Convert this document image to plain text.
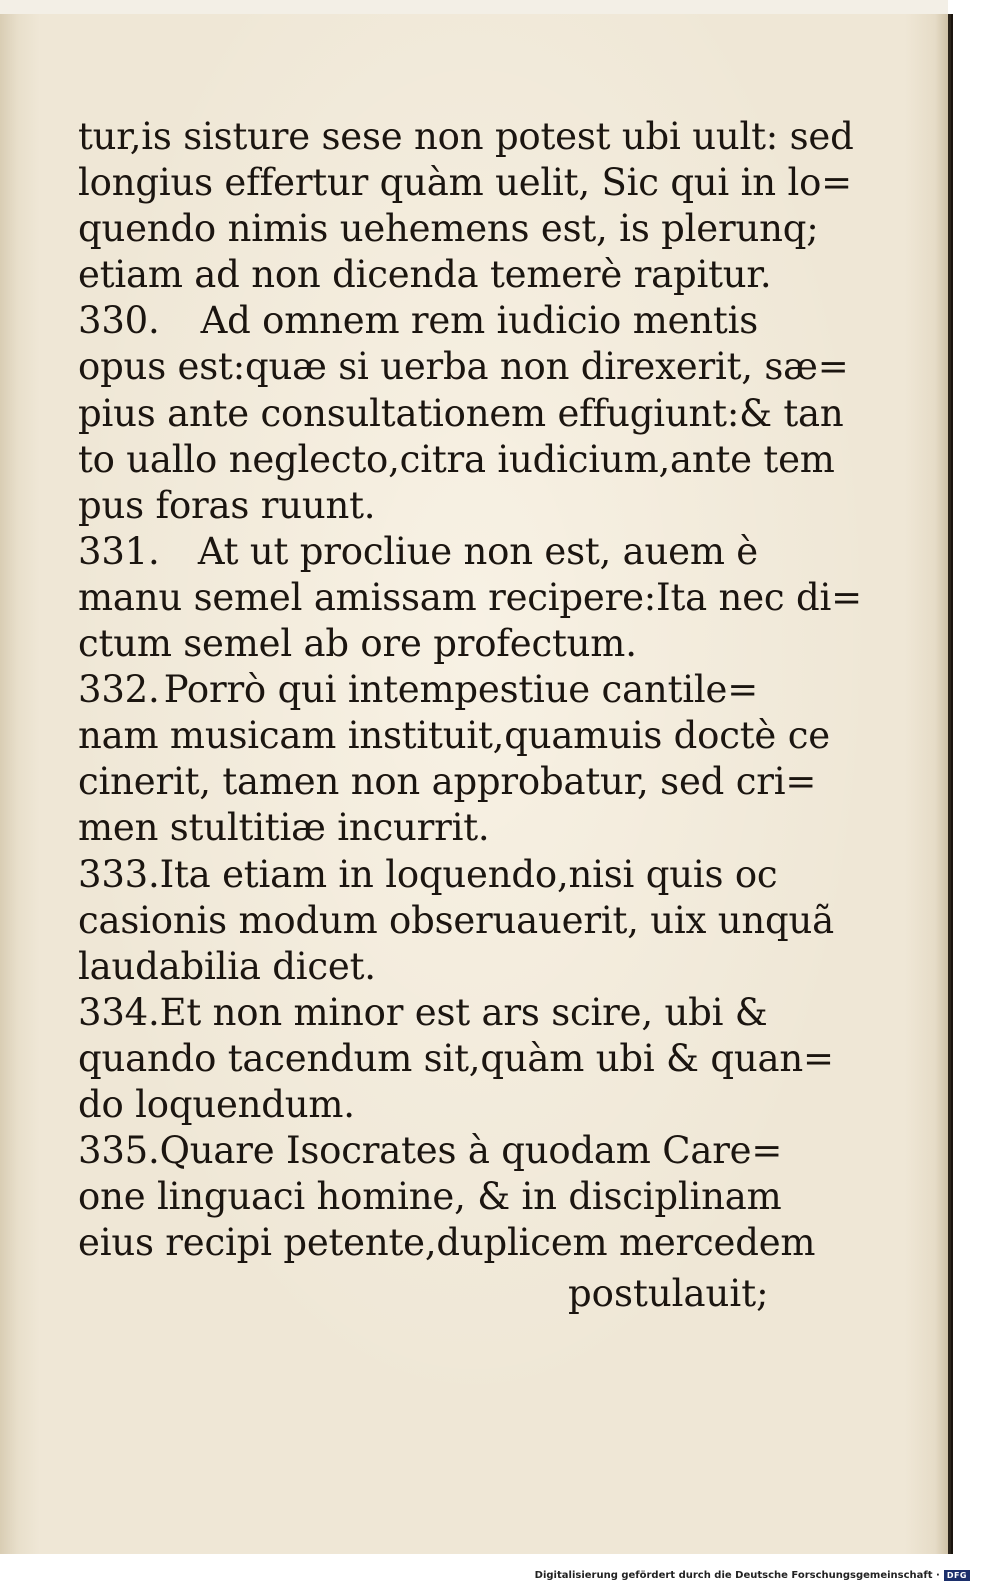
tur,is sisture sese non potest ubi uult: sed
longius effertur quàm uelit, Sic qui in lo=
quendo nimis uehemens est, is plerunq;
etiam ad non dicenda temerè rapitur.
330.	Ad omnem rem iudicio mentis
opus est:quæ si uerba non direxerit, sæ=
pius ante consultationem effugiunt:& tan
to uallo neglecto,citra iudicium,ante tem
pus foras ruunt.
331.	At ut procliue non est, auem è
manu semel amissam recipere:Ita nec di=
ctum semel ab ore profectum.
332. Porrò qui intempestiue cantile=
nam musicam instituit,quamuis doctè ce
cinerit, tamen non approbatur, sed cri=
men stultitiæ incurrit.
333. Ita etiam in loquendo,nisi quis oc
casionis modum obseruauerit, uix unquã
laudabilia dicet.
334. Et non minor est ars scire, ubi &
quando tacendum sit,quàm ubi & quan=
do loquendum.
335. Quare Isocrates à quodam Care=
one linguaci homine, & in disciplinam
eius recipi petente,duplicem mercedem
postulauit;
Digitalisierung gefördert durch die Deutsche Forschungsgemeinschaft · DFG
